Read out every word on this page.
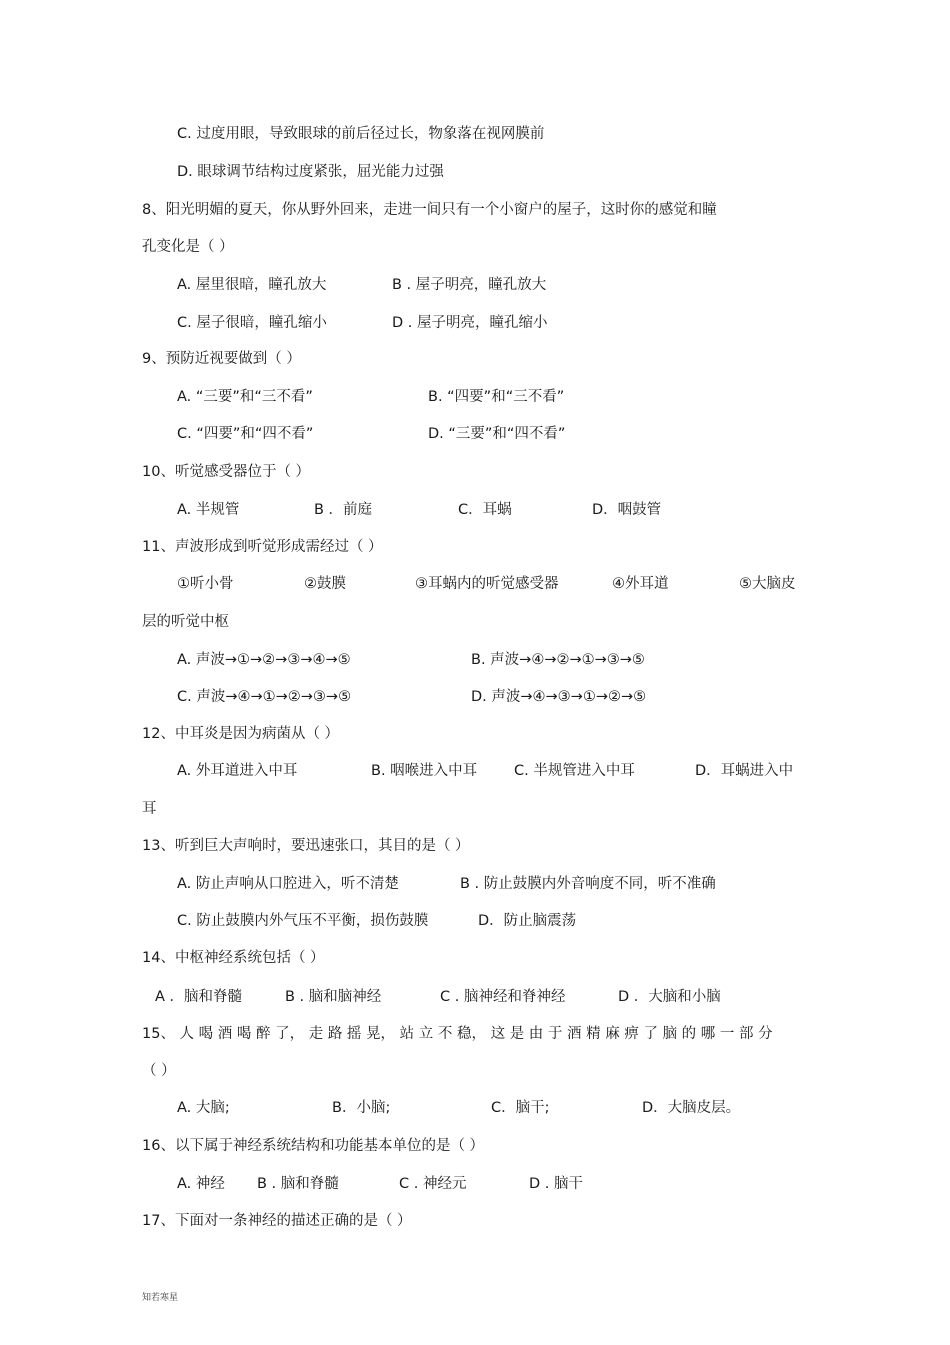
C. 过度用眼，导致眼球的前后径过长，物象落在视网膜前
D. 眼球调节结构过度紧张，屈光能力过强
8、阳光明媚的夏天，你从野外回来，走进一间只有一个小窗户的屋子，这时你的感觉和瞳
孔变化是（ ）
A. 屋里很暗，瞳孔放大	B . 屋子明亮，瞳孔放大
C. 屋子很暗，瞳孔缩小	D . 屋子明亮，瞳孔缩小
9、预防近视要做到（ ）
A. “三要”和“三不看”	B. “四要”和“三不看”
C. “四要”和“四不看”	D. “三要”和“四不看”
10、听觉感受器位于（ ）
A. 半规管	B ．前庭	C．耳蜗	D．咽鼓管
11、声波形成到听觉形成需经过（ ）
①听小骨	②鼓膜	③耳蜗内的听觉感受器	④外耳道	⑤大脑皮
层的听觉中枢
A. 声波→①→②→③→④→⑤	B. 声波→④→②→①→③→⑤
C. 声波→④→①→②→③→⑤	D. 声波→④→③→①→②→⑤
12、中耳炎是因为病菌从（ ）
A. 外耳道进入中耳	B. 咽喉进入中耳	C. 半规管进入中耳	D．耳蜗进入中
耳
13、听到巨大声响时，要迅速张口，其目的是（ ）
A. 防止声响从口腔进入，听不清楚	B . 防止鼓膜内外音响度不同，听不准确
C. 防止鼓膜内外气压不平衡，损伤鼓膜	D．防止脑震荡
14、中枢神经系统包括（ ）
A ．脑和脊髓	B . 脑和脑神经	C . 脑神经和脊神经	D ．大脑和小脑
15、 人 喝 酒 喝 醉 了， 走 路 摇 晃， 站 立 不 稳， 这 是 由 于 酒 精 麻 痹 了 脑 的 哪 一 部 分
（ ）
A. 大脑;	B．小脑;	C．脑干;	D．大脑皮层。
16、以下属于神经系统结构和功能基本单位的是（ ）
A. 神经 B . 脑和脊髓	C . 神经元	D . 脑干
17、下面对一条神经的描述正确的是（ ）
知若寒星
